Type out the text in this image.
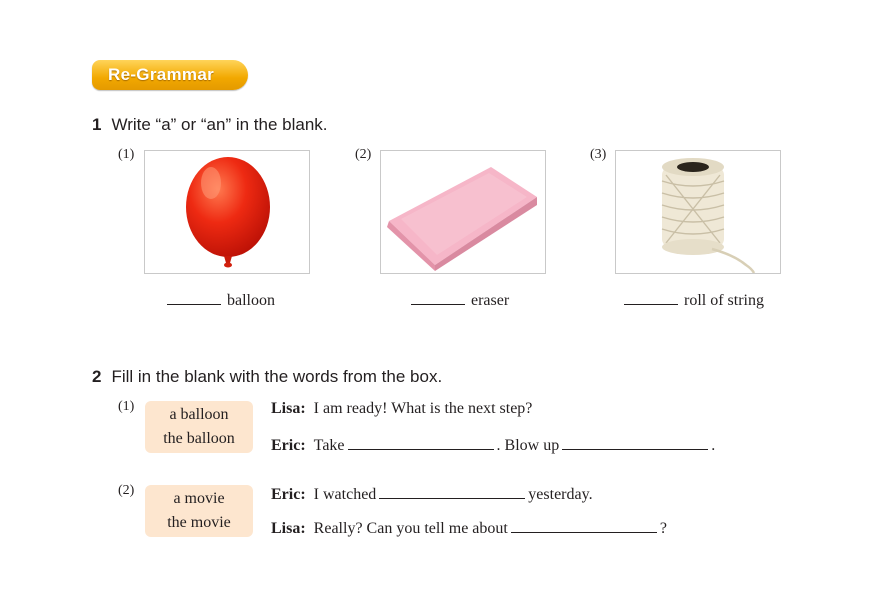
Re-Grammar
1 Write “a” or “an” in the blank.
(1)
balloon
(2)
eraser
(3)
roll of string
2 Fill in the blank with the words from the box.
(1) a balloon
the balloon
Lisa: I am ready! What is the next step?
Eric: Take	. Blow up	.
(2) a movie
the movie
Eric: I watched	yesterday.
Lisa: Really? Can you tell me about	?
